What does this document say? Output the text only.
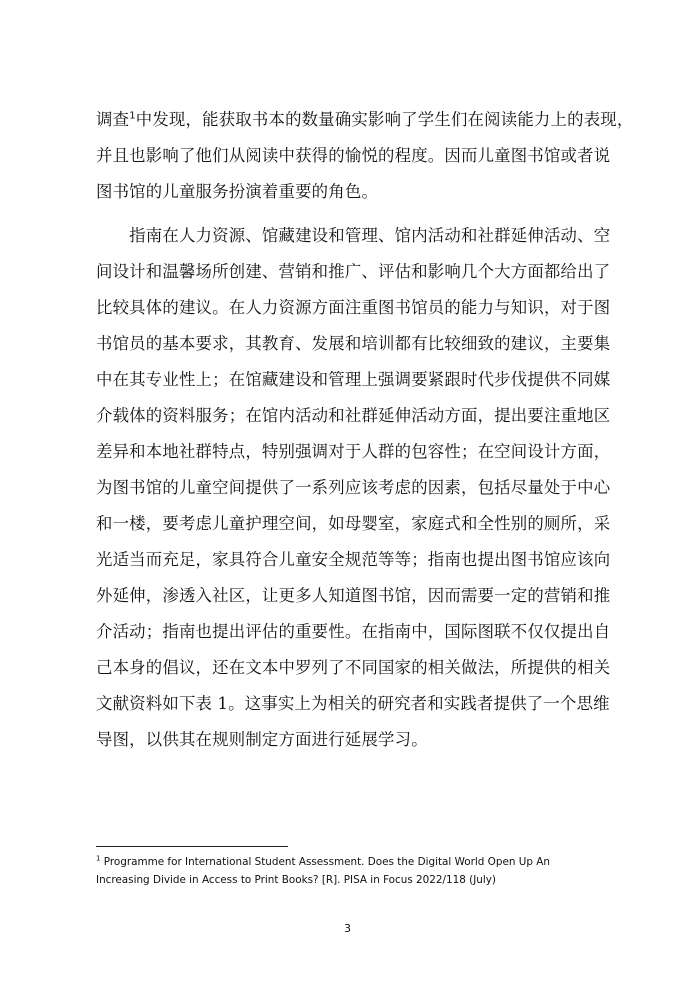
调查$^1$中发现，能获取书本的数量确实影响了学生们在阅读能力上的表现，
并且也影响了他们从阅读中获得的愉悦的程度。因而儿童图书馆或者说
图书馆的儿童服务扮演着重要的角色。
　　指南在人力资源、馆藏建设和管理、馆内活动和社群延伸活动、空
间设计和温馨场所创建、营销和推广、评估和影响几个大方面都给出了
比较具体的建议。在人力资源方面注重图书馆员的能力与知识，对于图
书馆员的基本要求，其教育、发展和培训都有比较细致的建议，主要集
中在其专业性上；在馆藏建设和管理上强调要紧跟时代步伐提供不同媒
介载体的资料服务；在馆内活动和社群延伸活动方面，提出要注重地区
差异和本地社群特点，特别强调对于人群的包容性；在空间设计方面，
为图书馆的儿童空间提供了一系列应该考虑的因素，包括尽量处于中心
和一楼，要考虑儿童护理空间，如母婴室，家庭式和全性别的厕所，采
光适当而充足，家具符合儿童安全规范等等；指南也提出图书馆应该向
外延伸，渗透入社区，让更多人知道图书馆，因而需要一定的营销和推
介活动；指南也提出评估的重要性。在指南中，国际图联不仅仅提出自
己本身的倡议，还在文本中罗列了不同国家的相关做法，所提供的相关
文献资料如下表 1。这事实上为相关的研究者和实践者提供了一个思维
导图，以供其在规则制定方面进行延展学习。
$^1$ Programme for International Student Assessment. Does the Digital World Open Up An
Increasing Divide in Access to Print Books? [R]. PISA in Focus 2022/118 (July)
3
